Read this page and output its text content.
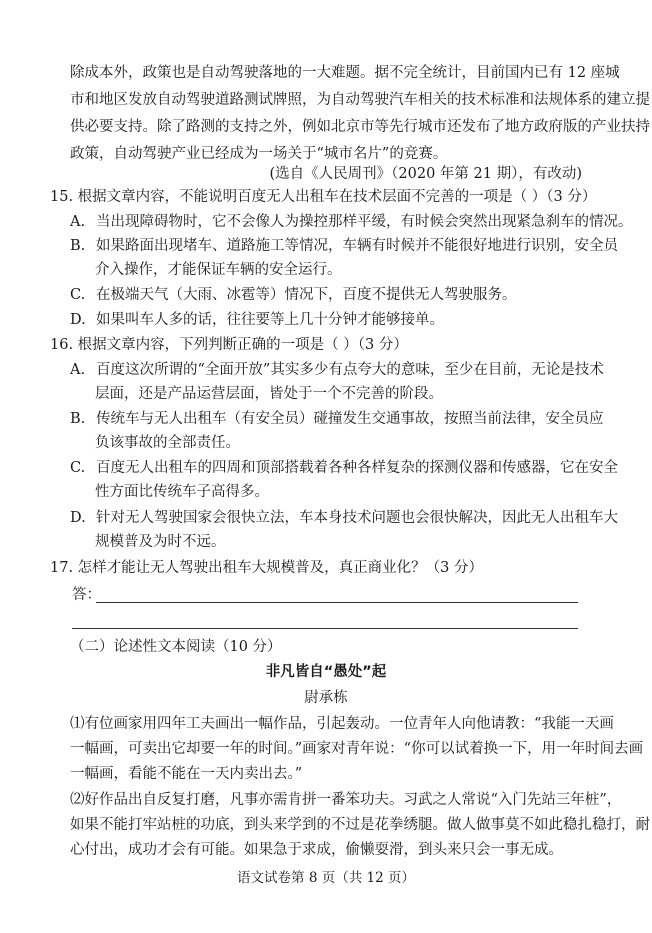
除成本外，政策也是自动驾驶落地的一大难题。据不完全统计，目前国内已有 12 座城
市和地区发放自动驾驶道路测试牌照，为自动驾驶汽车相关的技术标准和法规体系的建立提
供必要支持。除了路测的支持之外，例如北京市等先行城市还发布了地方政府版的产业扶持
政策，自动驾驶产业已经成为一场关于“城市名片”的竞赛。
(选自《人民周刊》（2020 年第 21 期），有改动)
15. 根据文章内容，不能说明百度无人出租车在技术层面不完善的一项是（ ）（3 分）
A. 当出现障碍物时，它不会像人为操控那样平缓，有时候会突然出现紧急刹车的情况。
B. 如果路面出现堵车、道路施工等情况，车辆有时候并不能很好地进行识别，安全员
介入操作，才能保证车辆的安全运行。
C. 在极端天气（大雨、冰雹等）情况下，百度不提供无人驾驶服务。
D. 如果叫车人多的话，往往要等上几十分钟才能够接单。
16. 根据文章内容，下列判断正确的一项是（ ）（3 分）
A. 百度这次所谓的“全面开放”其实多少有点夸大的意味，至少在目前，无论是技术
层面，还是产品运营层面，皆处于一个不完善的阶段。
B. 传统车与无人出租车（有安全员）碰撞发生交通事故，按照当前法律，安全员应
负该事故的全部责任。
C. 百度无人出租车的四周和顶部搭载着各种各样复杂的探测仪器和传感器，它在安全
性方面比传统车子高得多。
D. 针对无人驾驶国家会很快立法，车本身技术问题也会很快解决，因此无人出租车大
规模普及为时不远。
17. 怎样才能让无人驾驶出租车大规模普及，真正商业化？（3 分）
答：
（二）论述性文本阅读（10 分）
非凡皆自“愚处”起
尉承栋
⑴有位画家用四年工夫画出一幅作品，引起轰动。一位青年人向他请教：“我能一天画
一幅画，可卖出它却要一年的时间。”画家对青年说：“你可以试着换一下，用一年时间去画
一幅画，看能不能在一天内卖出去。”
⑵好作品出自反复打磨，凡事亦需肯拼一番笨功夫。习武之人常说“入门先站三年桩”，
如果不能打牢站桩的功底，到头来学到的不过是花拳绣腿。做人做事莫不如此稳扎稳打，耐
心付出，成功才会有可能。如果急于求成，偷懒耍滑，到头来只会一事无成。
语文试卷第 8 页（共 12 页）
